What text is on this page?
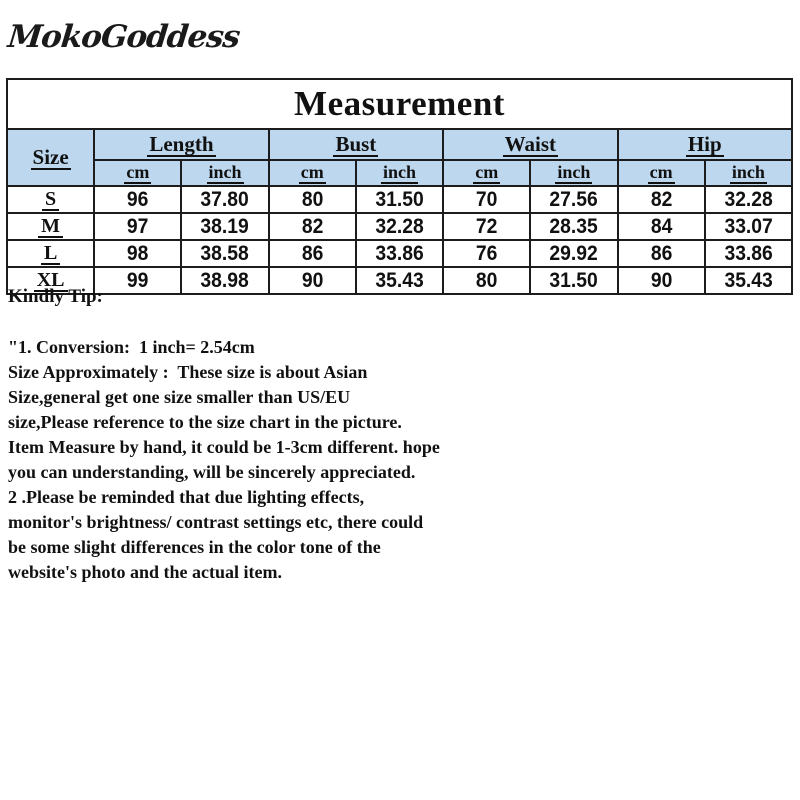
MokoGoddess
Measurement								
Size	Length		Bust		Waist		Hip	
	cm	inch	cm	inch	cm	inch	cm	inch
S	96	37.80	80	31.50	70	27.56	82	32.28
M	97	38.19	82	32.28	72	28.35	84	33.07
L	98	38.58	86	33.86	76	29.92	86	33.86
XL	99	38.98	90	35.43	80	31.50	90	35.43

Kindly Tip:

"1. Conversion:  1 inch= 2.54cm

Size Approximately :  These size is about Asian

Size,general get one size smaller than US/EU

size,Please reference to the size chart in the picture.

Item Measure by hand, it could be 1-3cm different. hope

you can understanding, will be sincerely appreciated.

2 .Please be reminded that due lighting effects,

monitor's brightness/ contrast settings etc, there could

be some slight differences in the color tone of the

website's photo and the actual item.
